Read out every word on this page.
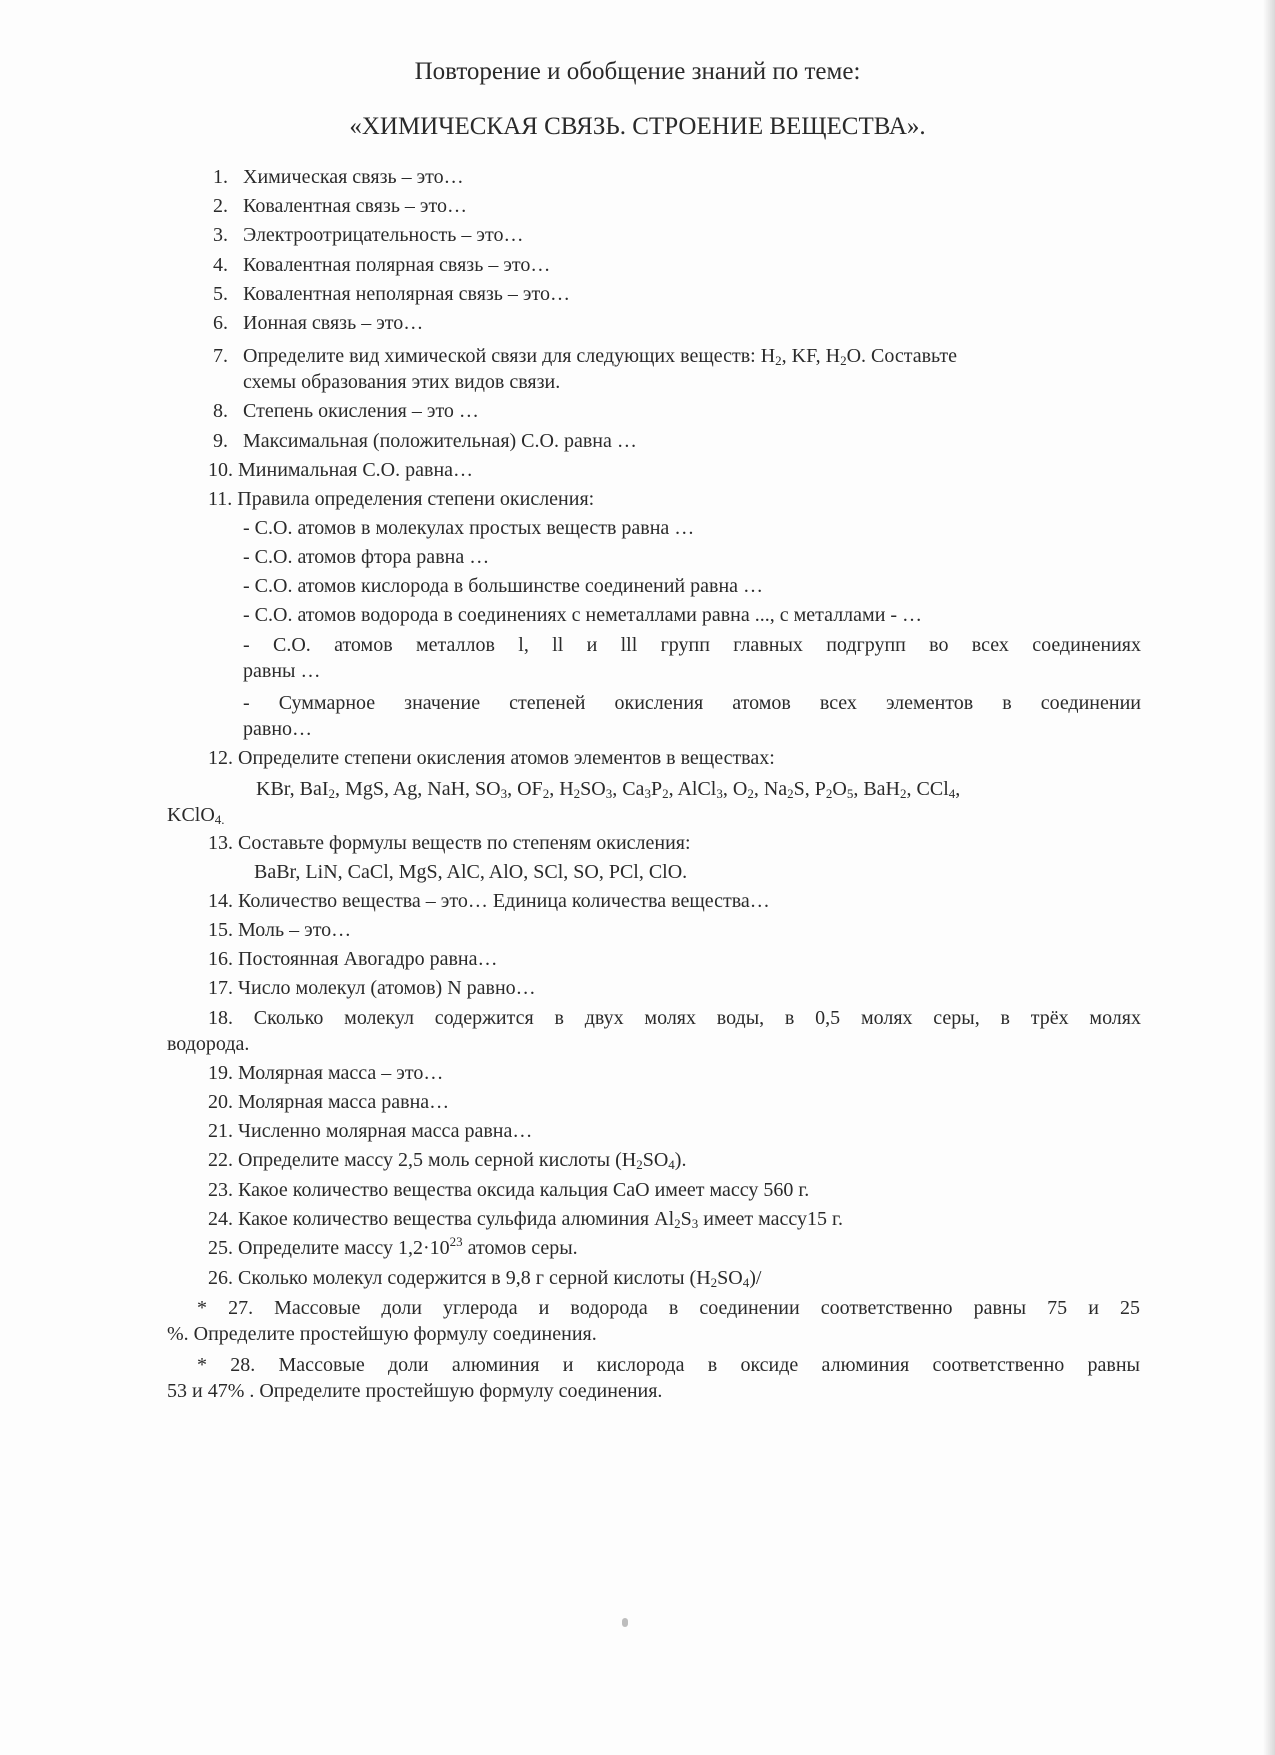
Повторение и обобщение знаний по теме:
«ХИМИЧЕСКАЯ СВЯЗЬ. СТРОЕНИЕ ВЕЩЕСТВА».
1. Химическая связь – это…
2. Ковалентная связь – это…
3. Электроотрицательность – это…
4. Ковалентная полярная связь – это…
5. Ковалентная неполярная связь – это…
6. Ионная связь – это…
7. Определите вид химической связи для следующих веществ: $Н_2$, KF, $H_2O$. Составьте
схемы образования этих видов связи.
8. Степень окисления – это …
9. Максимальная (положительная) С.О. равна …
10. Минимальная С.О. равна…
11. Правила определения степени окисления:
- С.О. атомов в молекулах простых веществ равна …
- С.О. атомов фтора равна …
- С.О. атомов кислорода в большинстве соединений равна …
- С.О. атомов водорода в соединениях с неметаллами равна ..., с металлами - …
- С.О. атомов металлов l, ll и lll групп главных подгрупп во всех соединениях
равны …
- Суммарное значение степеней окисления атомов всех элементов в соединении
равно…
12. Определите степени окисления атомов элементов в веществах:
KBr, BaI$_2$, MgS, Ag, NaH, $SO_3$, $OF_2$, $H_2SO_3$, $Ca_3P_2$, AlCl$_3$, $O_2$, $Na_2S$, $P_2O_5$, BaH$_2$, CCl$_4$,
KClO$_{4.}$
13. Составьте формулы веществ по степеням окисления:
BaBr, LiN, CaCl, MgS, AlC, AlO, SCl, SO, PCl, ClO.
14. Количество вещества – это… Единица количества вещества…
15. Моль – это…
16. Постоянная Авогадро равна…
17. Число молекул (атомов) N равно…
18. Сколько молекул содержится в двух молях воды, в 0,5 молях серы, в трёх молях
водорода.
19. Молярная масса – это…
20. Молярная масса равна…
21. Численно молярная масса равна…
22. Определите массу 2,5 моль серной кислоты $(H_2SO_4)$.
23. Какое количество вещества оксида кальция CaO имеет массу 560 г.
24. Какое количество вещества сульфида алюминия $Al_2S_3$ имеет массу15 г.
25. Определите массу $1,2\cdot 10^{23}$ атомов серы.
26. Сколько молекул содержится в 9,8 г серной кислоты $(H_2SO_4)/$
* 27. Массовые доли углерода и водорода в соединении соответственно равны 75 и 25
%. Определите простейшую формулу соединения.
* 28. Массовые доли алюминия и кислорода в оксиде алюминия соответственно равны
53 и 47% . Определите простейшую формулу соединения.
